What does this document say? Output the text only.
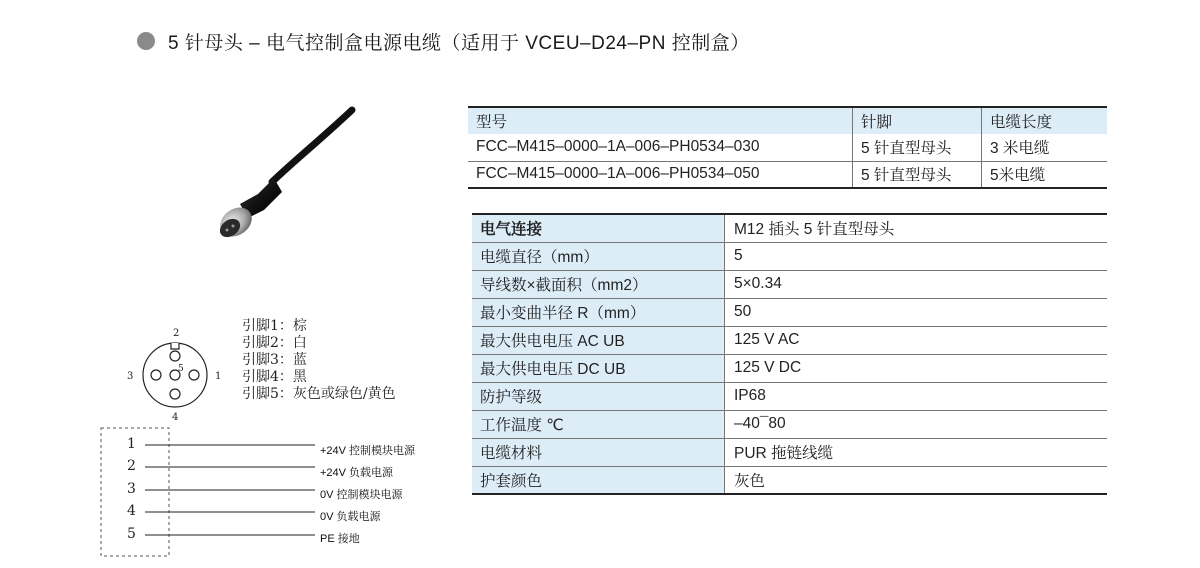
5 针母头 – 电气控制盒电源电缆（适用于 VCEU–D24–PN 控制盒）
2
1
3
4
5
引脚1：棕
引脚2：白
引脚3：蓝
引脚4：黑
引脚5：灰色或绿色/黄色
1
2
3
4
5
+24V 控制模块电源
+24V 负载电源
0V 控制模块电源
0V 负载电源
PE 接地
型号	针脚	电缆长度
FCC–M415–0000–1A–006–PH0534–030	5 针直型母头	3 米电缆
FCC–M415–0000–1A–006–PH0534–050	5 针直型母头	5米电缆
电气连接	M12 插头 5 针直型母头
电缆直径（mm）	5
导线数×截面积（mm2）	5×0.34
最小变曲半径 R（mm）	50
最大供电电压 AC UB	125 V AC
最大供电电压 DC UB	125 V DC
防护等级	IP68
工作温度 ℃	–40¯80
电缆材料	PUR 拖链线缆
护套颜色	灰色
